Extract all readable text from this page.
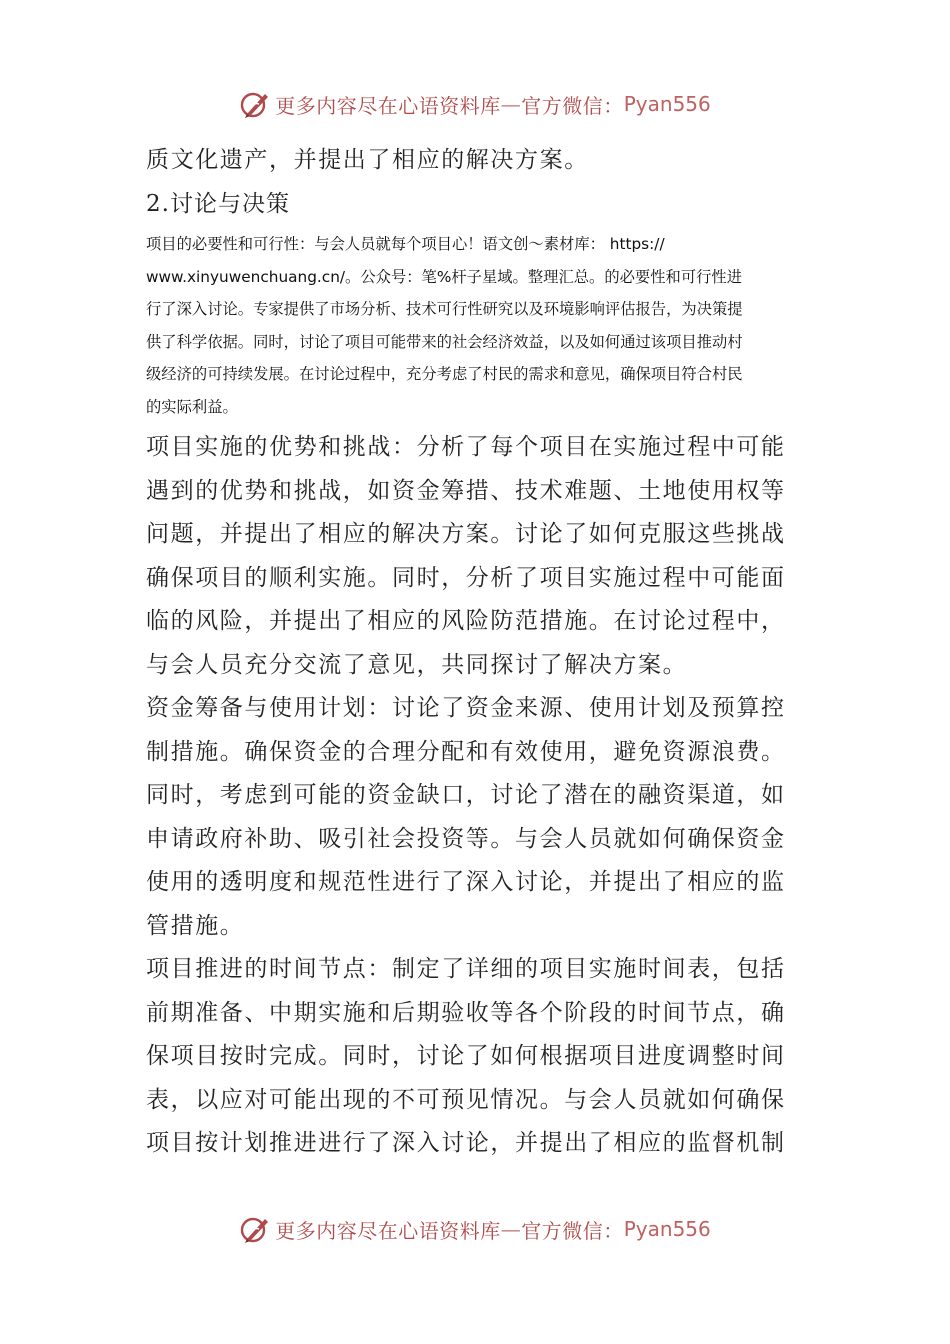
更多内容尽在心语资料库 — 官方微信： Pyan556
质文化遗产，并提出了相应的解决方案。
2.讨论与决策
项目的必要性和可行性：与会人员就每个项目心！语文创～素材库： https://
www.xinyuwenchuang.cn/。公众号：笔%杆子星域。整理汇总。的必要性和可行性进
行了深入讨论。专家提供了市场分析、技术可行性研究以及环境影响评估报告，为决策提
供了科学依据。同时，讨论了项目可能带来的社会经济效益，以及如何通过该项目推动村
级经济的可持续发展。在讨论过程中，充分考虑了村民的需求和意见，确保项目符合村民
的实际利益。
项目实施的优势和挑战：分析了每个项目在实施过程中可能
遇到的优势和挑战，如资金筹措、技术难题、土地使用权等
问题，并提出了相应的解决方案。讨论了如何克服这些挑战
确保项目的顺利实施。同时，分析了项目实施过程中可能面
临的风险，并提出了相应的风险防范措施。在讨论过程中，
与会人员充分交流了意见，共同探讨了解决方案。
资金筹备与使用计划：讨论了资金来源、使用计划及预算控
制措施。确保资金的合理分配和有效使用，避免资源浪费。
同时，考虑到可能的资金缺口，讨论了潜在的融资渠道，如
申请政府补助、吸引社会投资等。与会人员就如何确保资金
使用的透明度和规范性进行了深入讨论，并提出了相应的监
管措施。
项目推进的时间节点：制定了详细的项目实施时间表，包括
前期准备、中期实施和后期验收等各个阶段的时间节点，确
保项目按时完成。同时，讨论了如何根据项目进度调整时间
表，以应对可能出现的不可预见情况。与会人员就如何确保
项目按计划推进进行了深入讨论，并提出了相应的监督机制
更多内容尽在心语资料库 — 官方微信： Pyan556
